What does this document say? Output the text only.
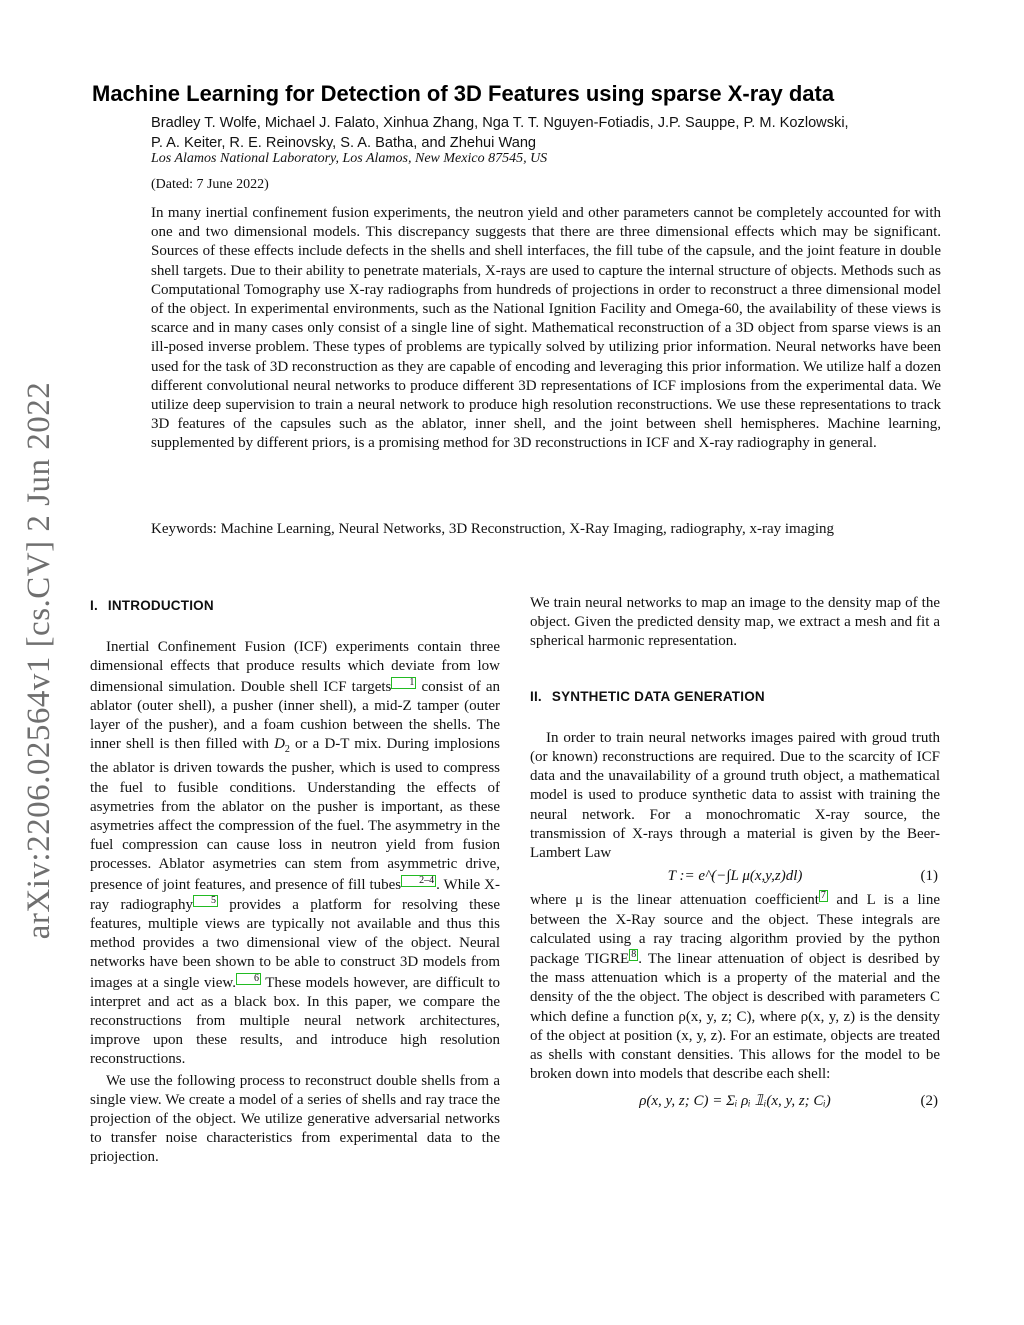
arXiv:2206.02564v1 [cs.CV] 2 Jun 2022
Machine Learning for Detection of 3D Features using sparse X-ray data
Bradley T. Wolfe, Michael J. Falato, Xinhua Zhang, Nga T. T. Nguyen-Fotiadis, J.P. Sauppe, P. M. Kozlowski,
P. A. Keiter, R. E. Reinovsky, S. A. Batha, and Zhehui Wang
Los Alamos National Laboratory, Los Alamos, New Mexico 87545, US
(Dated: 7 June 2022)

In many inertial confinement fusion experiments, the neutron yield and other parameters cannot be completely accounted for with one and two dimensional models. This discrepancy suggests that there are three dimensional effects which may be significant. Sources of these effects include defects in the shells and shell interfaces, the fill tube of the capsule, and the joint feature in double shell targets. Due to their ability to penetrate materials, X-rays are used to capture the internal structure of objects. Methods such as Computational Tomography use X-ray radiographs from hundreds of projections in order to reconstruct a three dimensional model of the object. In experimental environments, such as the National Ignition Facility and Omega-60, the availability of these views is scarce and in many cases only consist of a single line of sight. Mathematical reconstruction of a 3D object from sparse views is an ill-posed inverse problem. These types of problems are typically solved by utilizing prior information. Neural networks have been used for the task of 3D reconstruction as they are capable of encoding and leveraging this prior information. We utilize half a dozen different convolutional neural networks to produce different 3D representations of ICF implosions from the experimental data. We utilize deep supervision to train a neural network to produce high resolution reconstructions. We use these representations to track 3D features of the capsules such as the ablator, inner shell, and the joint between shell hemispheres. Machine learning, supplemented by different priors, is a promising method for 3D reconstructions in ICF and X-ray radiography in general.

Keywords: Machine Learning, Neural Networks, 3D Reconstruction, X-Ray Imaging, radiography, x-ray imaging

I. INTRODUCTION

Inertial Confinement Fusion (ICF) experiments contain three dimensional effects that produce results which deviate from low dimensional simulation. Double shell ICF targets 1 consist of an ablator (outer shell), a pusher (inner shell), a mid-Z tamper (outer layer of the pusher), and a foam cushion between the shells. The inner shell is then filled with $D_2$ or a D-T mix. During implosions the ablator is driven towards the pusher, which is used to compress the fuel to fusible conditions. Understanding the effects of asymetries from the ablator on the pusher is important, as these asymetries affect the compression of the fuel. The asymmetry in the fuel compression can cause loss in neutron yield from fusion processes. Ablator asymetries can stem from asymmetric drive, presence of joint features, and presence of fill tubes 2–4 . While X-ray radiography 5 provides a platform for resolving these features, multiple views are typically not available and thus this method provides a two dimensional view of the object. Neural networks have been shown to be able to construct 3D models from images at a single view. 6 These models however, are difficult to interpret and act as a black box. In this paper, we compare the reconstructions from multiple neural network architectures, improve upon these results, and introduce high resolution reconstructions.

We use the following process to reconstruct double shells from a single view. We create a model of a series of shells and ray trace the projection of the object. We utilize generative adversarial networks to transfer noise characteristics from experimental data to the priojection.

We train neural networks to map an image to the density map of the object. Given the predicted density map, we extract a mesh and fit a spherical harmonic representation.

II. SYNTHETIC DATA GENERATION

In order to train neural networks images paired with groud truth (or known) reconstructions are required. Due to the scarcity of ICF data and the unavailability of a ground truth object, a mathematical model is used to produce synthetic data to assist with training the neural network. For a monochromatic X-ray source, the transmission of X-rays through a material is given by the Beer-Lambert Law

T := e^(−∫L μ(x,y,z)dl)	(1)

where μ is the linear attenuation coefficient 7 and L is a line between the X-Ray source and the object. These integrals are calculated using a ray tracing algorithm provied by the python package TIGRE 8 . The linear attenuation of object is desribed by the mass attenuation which is a property of the material and the density of the the object. The object is described with parameters C which define a function ρ(x, y, z; C), where ρ(x, y, z) is the density of the object at position (x, y, z). For an estimate, objects are treated as shells with constant densities. This allows for the model to be broken down into models that describe each shell:

ρ(x, y, z; C) = Σᵢ ρᵢ 𝟙ᵢ(x, y, z; Cᵢ)	(2)
